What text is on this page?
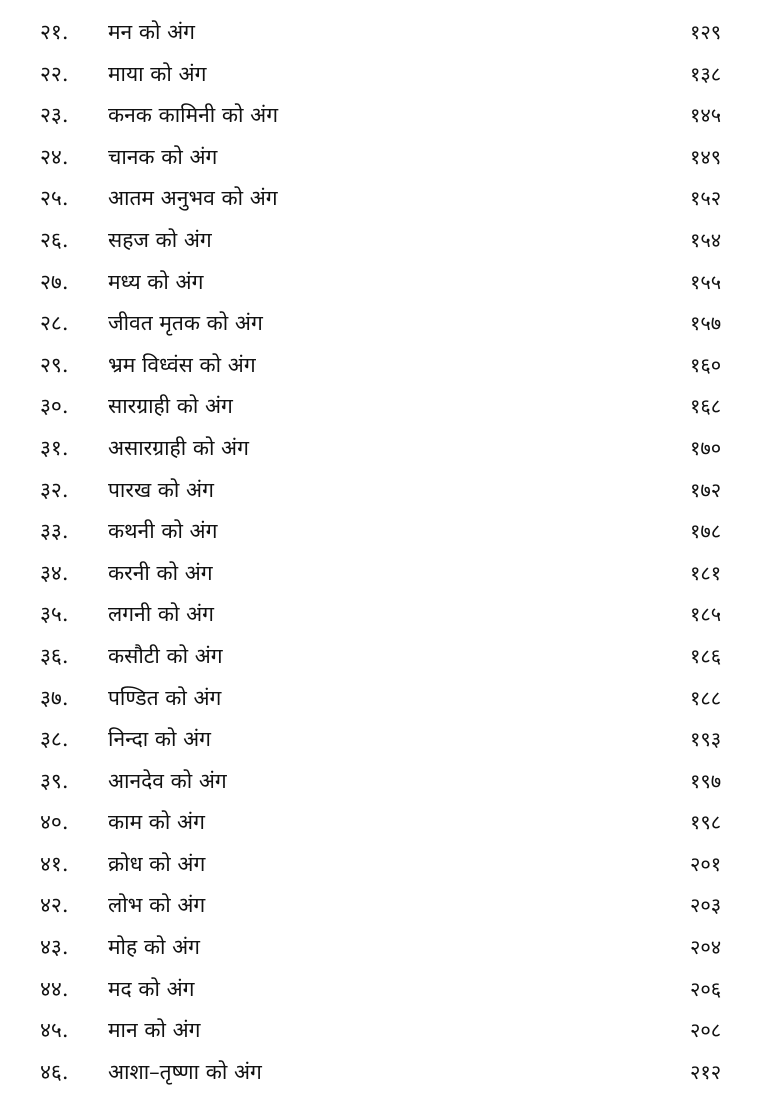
२१. मन को अंग	१२९
२२. माया को अंग	१३८
२३. कनक कामिनी को अंग	१४५
२४. चानक को अंग	१४९
२५. आतम अनुभव को अंग	१५२
२६. सहज को अंग	१५४
२७. मध्य को अंग	१५५
२८. जीवत मृतक को अंग	१५७
२९. भ्रम विध्वंस को अंग	१६०
३०. सारग्राही को अंग	१६८
३१. असारग्राही को अंग	१७०
३२. पारख को अंग	१७२
३३. कथनी को अंग	१७८
३४. करनी को अंग	१८१
३५. लगनी को अंग	१८५
३६. कसौटी को अंग	१८६
३७. पण्डित को अंग	१८८
३८. निन्दा को अंग	१९३
३९. आनदेव को अंग	१९७
४०. काम को अंग	१९८
४१. क्रोध को अंग	२०१
४२. लोभ को अंग	२०३
४३. मोह को अंग	२०४
४४. मद को अंग	२०६
४५. मान को अंग	२०८
४६. आशा–तृष्णा को अंग	२१२
